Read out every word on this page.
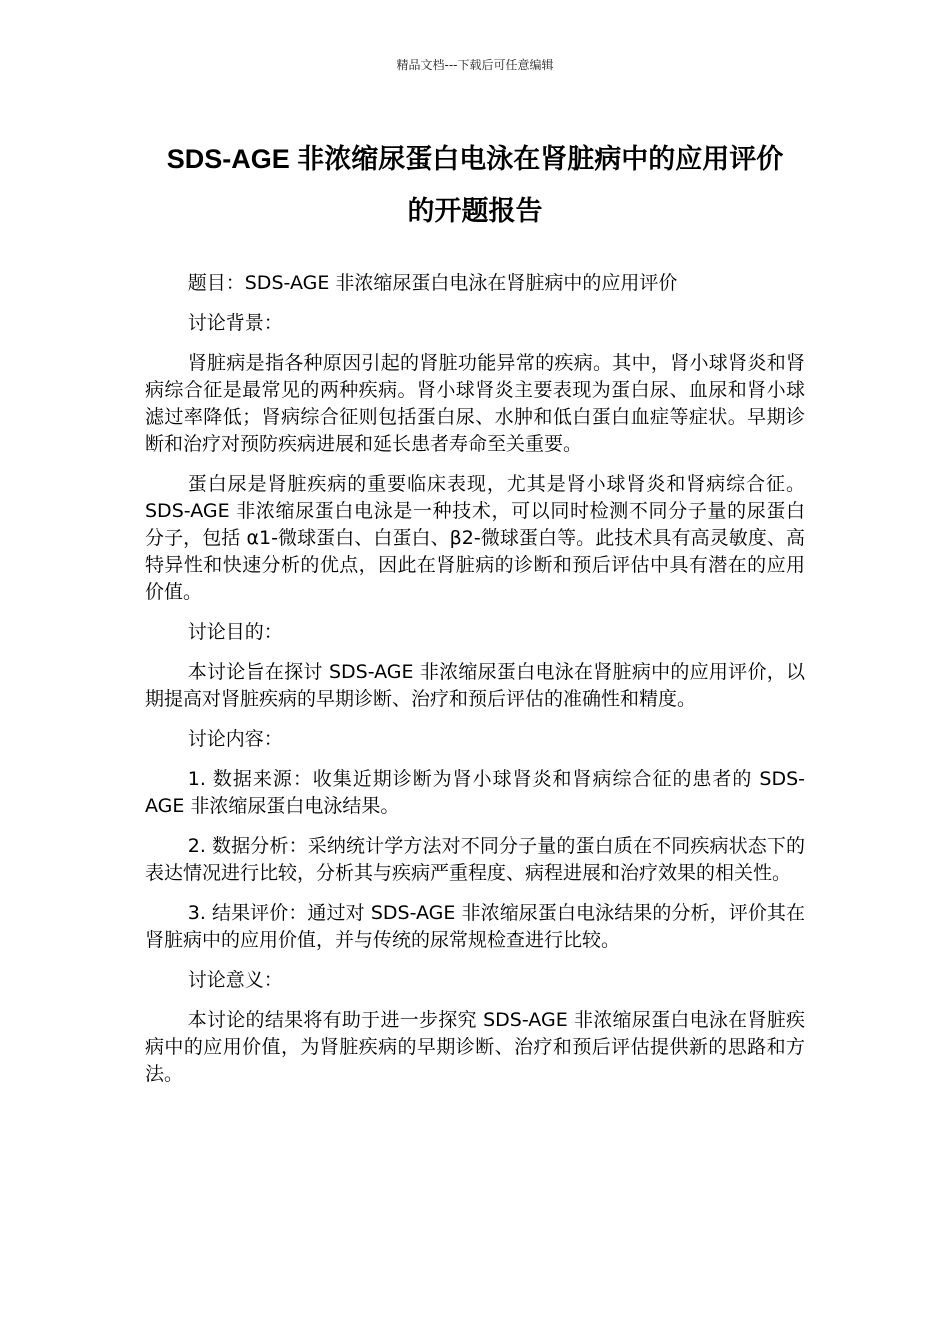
精品文档---下载后可任意编辑
SDS-AGE 非浓缩尿蛋白电泳在肾脏病中的应用评价
的开题报告

题目：SDS-AGE 非浓缩尿蛋白电泳在肾脏病中的应用评价

讨论背景：

肾脏病是指各种原因引起的肾脏功能异常的疾病。其中，肾小球肾炎和肾病综合征是最常见的两种疾病。肾小球肾炎主要表现为蛋白尿、血尿和肾小球滤过率降低；肾病综合征则包括蛋白尿、水肿和低白蛋白血症等症状。早期诊断和治疗对预防疾病进展和延长患者寿命至关重要。

蛋白尿是肾脏疾病的重要临床表现，尤其是肾小球肾炎和肾病综合征。SDS-AGE 非浓缩尿蛋白电泳是一种技术，可以同时检测不同分子量的尿蛋白分子，包括 α1-微球蛋白、白蛋白、β2-微球蛋白等。此技术具有高灵敏度、高特异性和快速分析的优点，因此在肾脏病的诊断和预后评估中具有潜在的应用价值。

讨论目的：

本讨论旨在探讨 SDS-AGE 非浓缩尿蛋白电泳在肾脏病中的应用评价，以期提高对肾脏疾病的早期诊断、治疗和预后评估的准确性和精度。

讨论内容：

1. 数据来源：收集近期诊断为肾小球肾炎和肾病综合征的患者的 SDS-AGE 非浓缩尿蛋白电泳结果。

2. 数据分析：采纳统计学方法对不同分子量的蛋白质在不同疾病状态下的表达情况进行比较，分析其与疾病严重程度、病程进展和治疗效果的相关性。

3. 结果评价：通过对 SDS-AGE 非浓缩尿蛋白电泳结果的分析，评价其在肾脏病中的应用价值，并与传统的尿常规检查进行比较。

讨论意义：

本讨论的结果将有助于进一步探究 SDS-AGE 非浓缩尿蛋白电泳在肾脏疾病中的应用价值，为肾脏疾病的早期诊断、治疗和预后评估提供新的思路和方法。
